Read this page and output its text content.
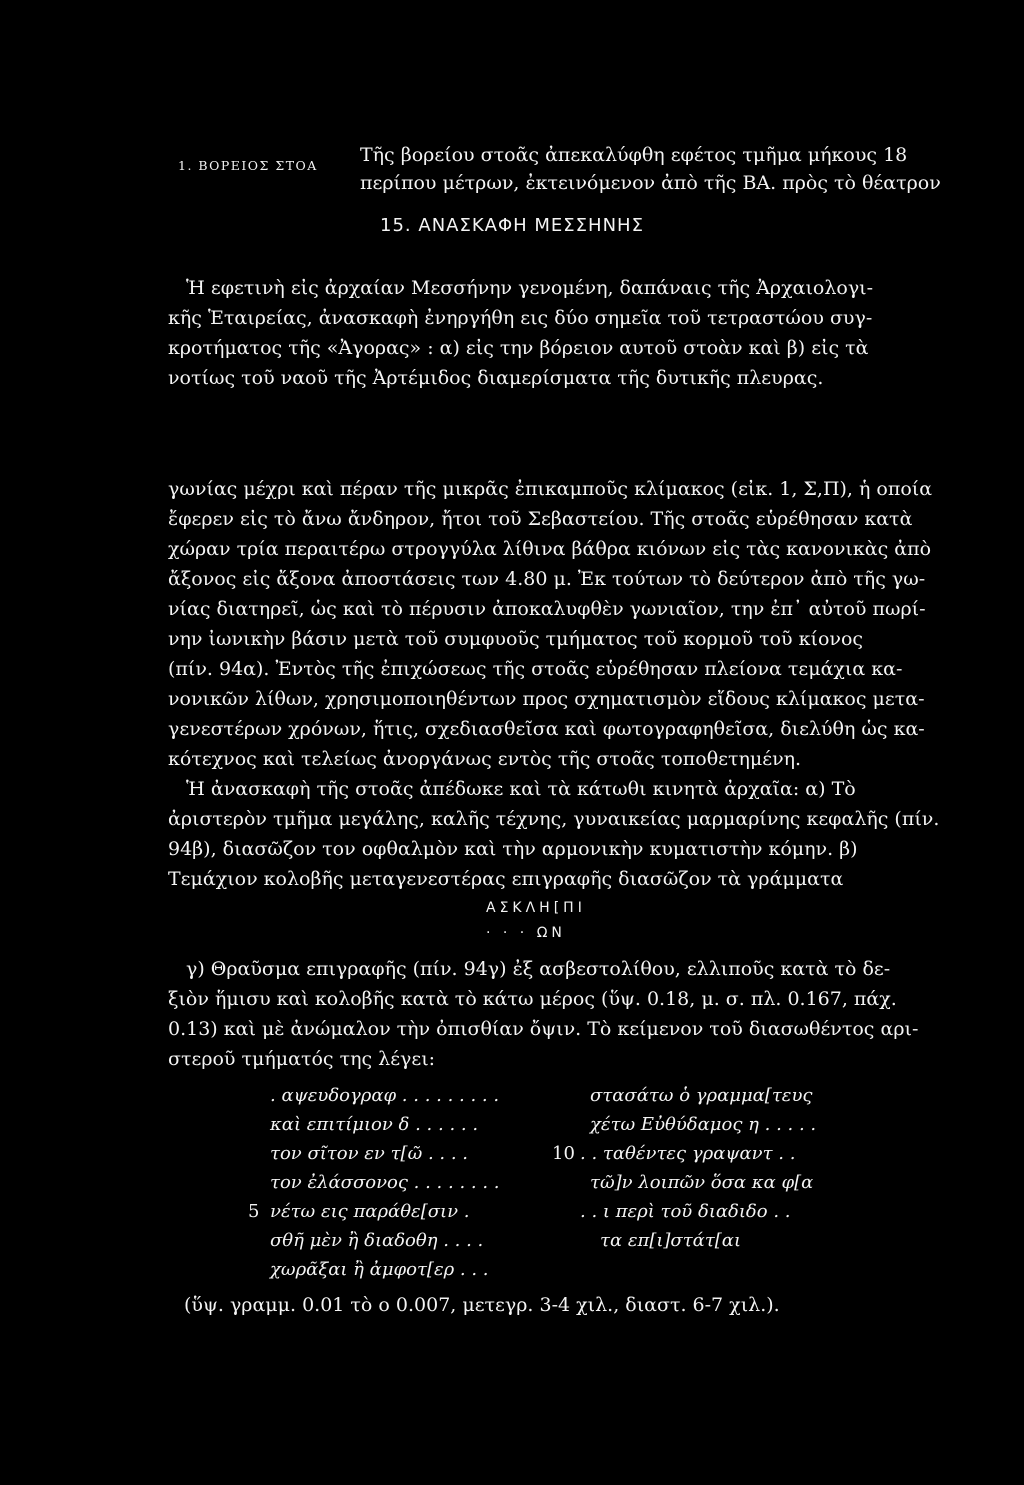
15. ΑΝΑΣΚΑΦΗ ΜΕΣΣΗΝΗΣ
Ἡ εφετινὴ εἰς ἀρχαίαν Μεσσήνην γενομένη, δαπάναις τῆς Ἀρχαιολογι-
κῆς Ἑταιρείας, ἀνασκαφὴ ἐνηργήθη εις δύο σημεῖα τοῦ τετραστώου συγ-
κροτήματος τῆς «Ἀγορας» : α) εἰς την βόρειον αυτοῦ στοὰν καὶ β) εἰς τὰ
νοτίως τοῦ ναοῦ τῆς Ἀρτέμιδος διαμερίσματα τῆς δυτικῆς πλευρας.
1. ΒΟΡΕΙΟΣ ΣΤΟΑ Τῆς βορείου στοᾶς ἀπεκαλύφθη εφέτος τμῆμα μήκους 18
περίπου μέτρων, ἐκτεινόμενον ἀπὸ τῆς ΒΑ. πρὸς τὸ θέατρον
γωνίας μέχρι καὶ πέραν τῆς μικρᾶς ἐπικαμποῦς κλίμακος (εἰκ. 1, Σ,Π), ἡ οποία
ἔφερεν εἰς τὸ ἄνω ἄνδηρον, ἤτοι τοῦ Σεβαστείου. Τῆς στοᾶς εὑρέθησαν κατὰ
χώραν τρία περαιτέρω στρογγύλα λίθινα βάθρα κιόνων εἰς τὰς κανονικὰς ἀπὸ
ἄξονος εἰς ἄξονα ἀποστάσεις των 4.80 μ. Ἐκ τούτων τὸ δεύτερον ἀπὸ τῆς γω-
νίας διατηρεῖ, ὡς καὶ τὸ πέρυσιν ἀποκαλυφθὲν γωνιαῖον, την ἐπ᾿ αὐτοῦ πωρί-
νην ἰωνικὴν βάσιν μετὰ τοῦ συμφυοῦς τμήματος τοῦ κορμοῦ τοῦ κίονος
(πίν. 94α). Ἐντὸς τῆς ἐπιχώσεως τῆς στοᾶς εὑρέθησαν πλείονα τεμάχια κα-
νονικῶν λίθων, χρησιμοποιηθέντων προς σχηματισμὸν εἴδους κλίμακος μετα-
γενεστέρων χρόνων, ἥτις, σχεδιασθεῖσα καὶ φωτογραφηθεῖσα, διελύθη ὡς κα-
κότεχνος καὶ τελείως ἀνοργάνως εντὸς τῆς στοᾶς τοποθετημένη.
Ἡ ἀνασκαφὴ τῆς στοᾶς ἀπέδωκε καὶ τὰ κάτωθι κινητὰ ἀρχαῖα: α) Τὸ
ἀριστερὸν τμῆμα μεγάλης, καλῆς τέχνης, γυναικείας μαρμαρίνης κεφαλῆς (πίν.
94β), διασῶζον τον οφθαλμὸν καὶ τὴν αρμονικὴν κυματιστὴν κόμην. β)
Τεμάχιον κολοβῆς μεταγενεστέρας επιγραφῆς διασῶζον τὰ γράμματα
ΑΣΚΛΗ[ΠΙ
· · · ΩΝ
γ) Θραῦσμα επιγραφῆς (πίν. 94γ) ἐξ ασβεστολίθου, ελλιποῦς κατὰ τὸ δε-
ξιὸν ἥμισυ καὶ κολοβῆς κατὰ τὸ κάτω μέρος (ὕψ. 0.18, μ. σ. πλ. 0.167, πάχ.
0.13) καὶ μὲ ἀνώμαλον τὴν ὀπισθίαν ὄψιν. Τὸ κείμενον τοῦ διασωθέντος αρι-
στεροῦ τμήματός της λέγει:
. αψευδογραφ . . . . . . . . .
καὶ επιτίμιον δ . . . . . .
τον σῖτον εν τ[ῶ . . . .
τον ἐλάσσονος . . . . . . . .
νέτω εις παράθε[σιν .
σθῆ μὲν ἢ διαδοθη . . . .
χωρᾶξαι ἢ ἀμφοτ[ερ . . .
5
10
στασάτω ὁ γραμμα[τευς
χέτω Εὐθύδαμος η . . . . .
. . ταθέντες γραψαντ . .
τῶ]ν λοιπῶν ὅσα κα φ[α
. . ι περὶ τοῦ διαδιδο . .
τα επ[ι]στάτ[αι
(ὕψ. γραμμ. 0.01 τὸ ο 0.007, μετεγρ. 3-4 χιλ., διαστ. 6-7 χιλ.).
